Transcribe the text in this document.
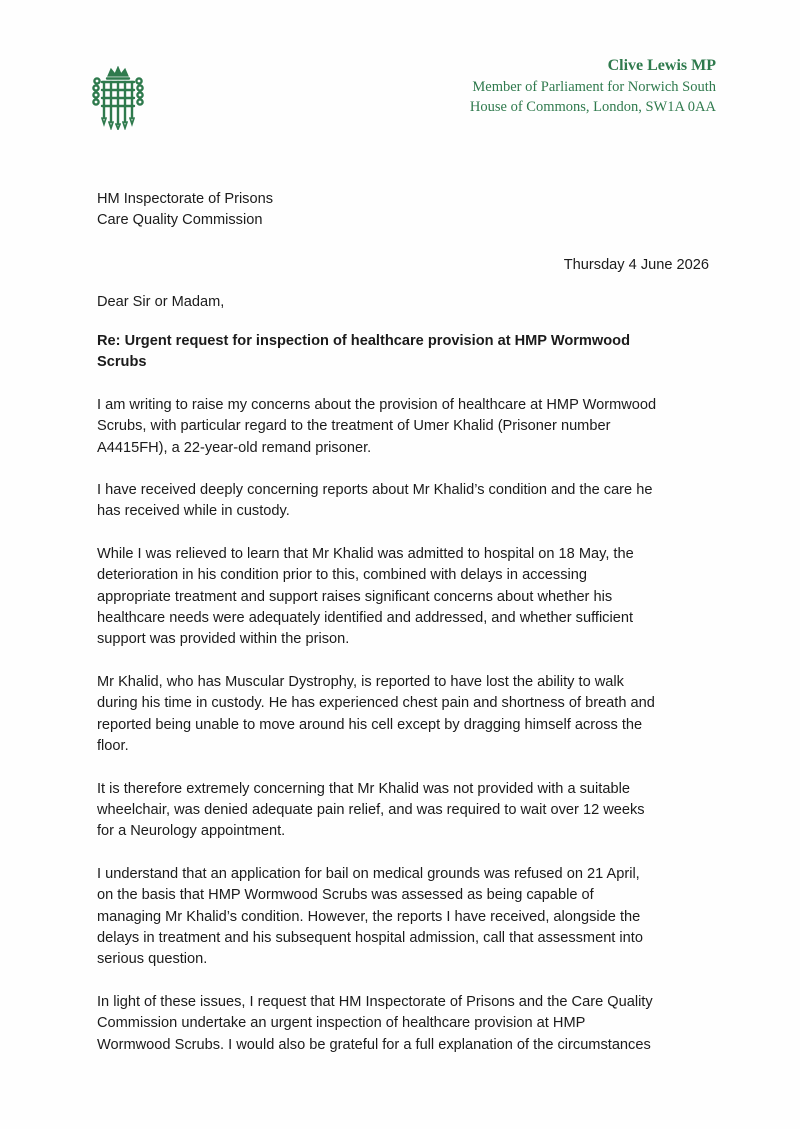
Clive Lewis MP
Member of Parliament for Norwich South
House of Commons, London, SW1A 0AA
HM Inspectorate of Prisons
Care Quality Commission
Thursday 4 June 2026
Dear Sir or Madam,

Re: Urgent request for inspection of healthcare provision at HMP Wormwood Scrubs

I am writing to raise my concerns about the provision of healthcare at HMP Wormwood Scrubs, with particular regard to the treatment of Umer Khalid (Prisoner number A4415FH), a 22-year-old remand prisoner.

I have received deeply concerning reports about Mr Khalid’s condition and the care he has received while in custody.

While I was relieved to learn that Mr Khalid was admitted to hospital on 18 May, the deterioration in his condition prior to this, combined with delays in accessing appropriate treatment and support raises significant concerns about whether his healthcare needs were adequately identified and addressed, and whether sufficient support was provided within the prison.

Mr Khalid, who has Muscular Dystrophy, is reported to have lost the ability to walk during his time in custody. He has experienced chest pain and shortness of breath and reported being unable to move around his cell except by dragging himself across the floor.

It is therefore extremely concerning that Mr Khalid was not provided with a suitable wheelchair, was denied adequate pain relief, and was required to wait over 12 weeks for a Neurology appointment.

I understand that an application for bail on medical grounds was refused on 21 April, on the basis that HMP Wormwood Scrubs was assessed as being capable of managing Mr Khalid’s condition. However, the reports I have received, alongside the delays in treatment and his subsequent hospital admission, call that assessment into serious question.

In light of these issues, I request that HM Inspectorate of Prisons and the Care Quality Commission undertake an urgent inspection of healthcare provision at HMP Wormwood Scrubs. I would also be grateful for a full explanation of the circumstances
